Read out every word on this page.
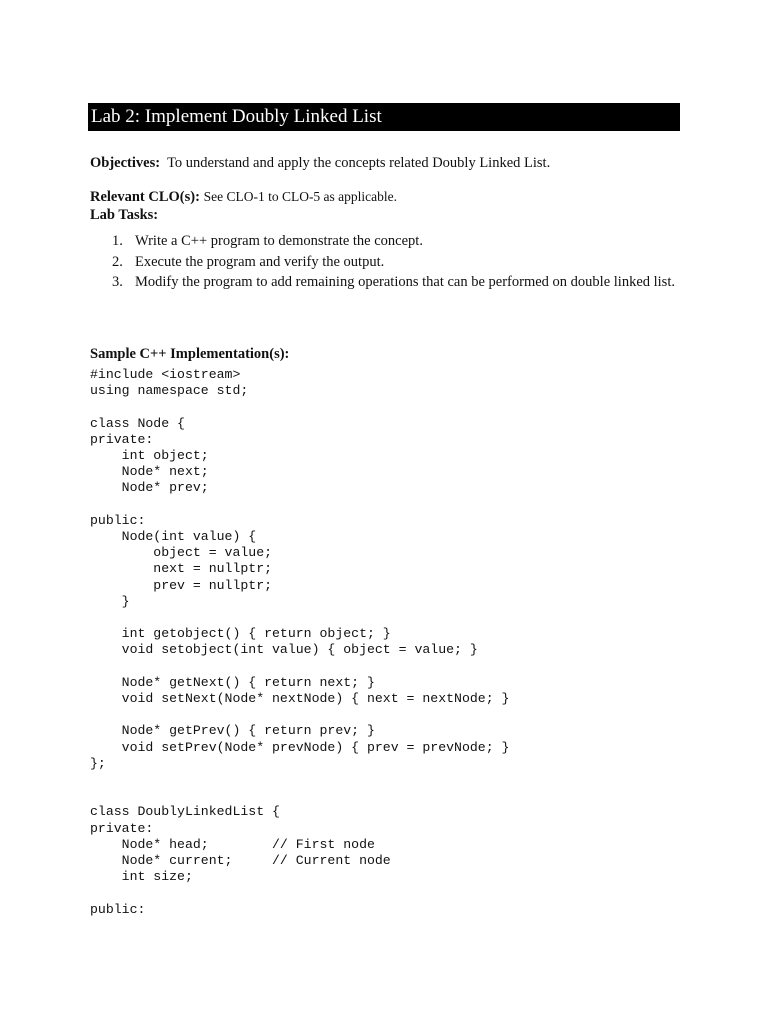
Lab 2: Implement Doubly Linked List
Objectives: To understand and apply the concepts related Doubly Linked List.
Relevant CLO(s): See CLO-1 to CLO-5 as applicable.
Lab Tasks:
1. Write a C++ program to demonstrate the concept.
2. Execute the program and verify the output.
3. Modify the program to add remaining operations that can be performed on double linked list.
Sample C++ Implementation(s):
#include <iostream>
using namespace std;

class Node {
private:
int object;
Node* next;
Node* prev;

public:
Node(int value) {
object = value;
next = nullptr;
prev = nullptr;
}

int getobject() { return object; }
void setobject(int value) { object = value; }

Node* getNext() { return next; }
void setNext(Node* nextNode) { next = nextNode; }

Node* getPrev() { return prev; }
void setPrev(Node* prevNode) { prev = prevNode; }
};

class DoublyLinkedList {
private:
Node* head;        // First node
Node* current;     // Current node
int size;

public:
